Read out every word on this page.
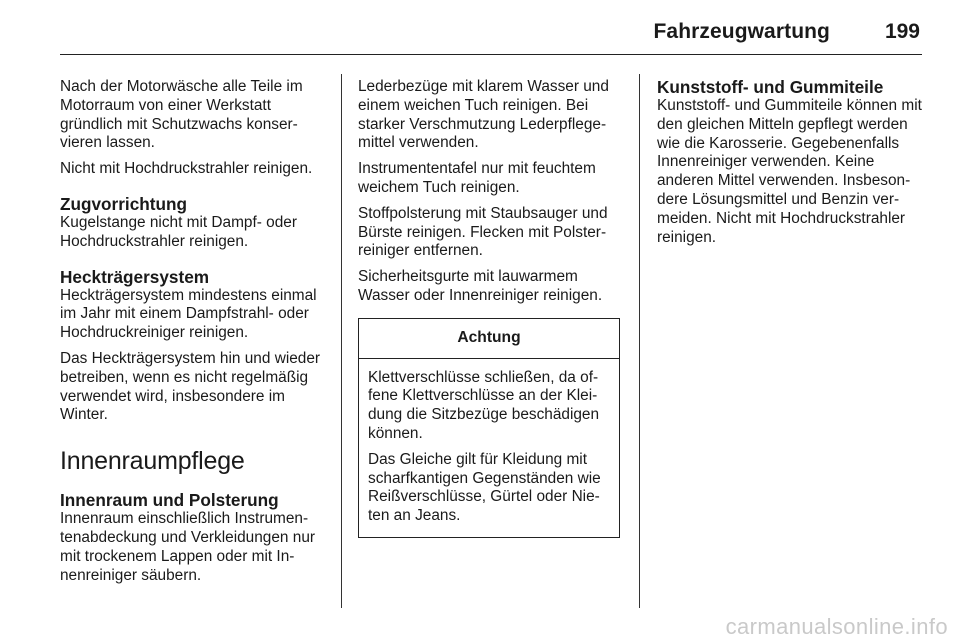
Fahrzeugwartung	199

Nach der Motorwäsche alle Teile im Motorraum von einer Werkstatt gründlich mit Schutzwachs konservieren lassen.

Nicht mit Hochdruckstrahler reinigen.

Zugvorrichtung

Kugelstange nicht mit Dampf- oder Hochdruckstrahler reinigen.

Heckträgersystem

Heckträgersystem mindestens einmal im Jahr mit einem Dampfstrahl- oder Hochdruckreiniger reinigen.

Das Heckträgersystem hin und wieder betreiben, wenn es nicht regelmäßig verwendet wird, insbesondere im Winter.

Innenraumpflege
Innenraum und Polsterung

Innenraum einschließlich Instrumentenabdeckung und Verkleidungen nur mit trockenem Lappen oder mit Innenreiniger säubern.

Lederbezüge mit klarem Wasser und einem weichen Tuch reinigen. Bei starker Verschmutzung Lederpflegemittel verwenden.

Instrumententafel nur mit feuchtem weichem Tuch reinigen.

Stoffpolsterung mit Staubsauger und Bürste reinigen. Flecken mit Polsterreiniger entfernen.

Sicherheitsgurte mit lauwarmem Wasser oder Innenreiniger reinigen.

Achtung

Klettverschlüsse schließen, da offene Klettverschlüsse an der Kleidung die Sitzbezüge beschädigen können.

Das Gleiche gilt für Kleidung mit scharfkantigen Gegenständen wie Reißverschlüsse, Gürtel oder Nieten an Jeans.

Kunststoff- und Gummiteile

Kunststoff- und Gummiteile können mit den gleichen Mitteln gepflegt werden wie die Karosserie. Gegebenenfalls Innenreiniger verwenden. Keine anderen Mittel verwenden. Insbesondere Lösungsmittel und Benzin vermeiden. Nicht mit Hochdruckstrahler reinigen.

carmanualsonline.info
